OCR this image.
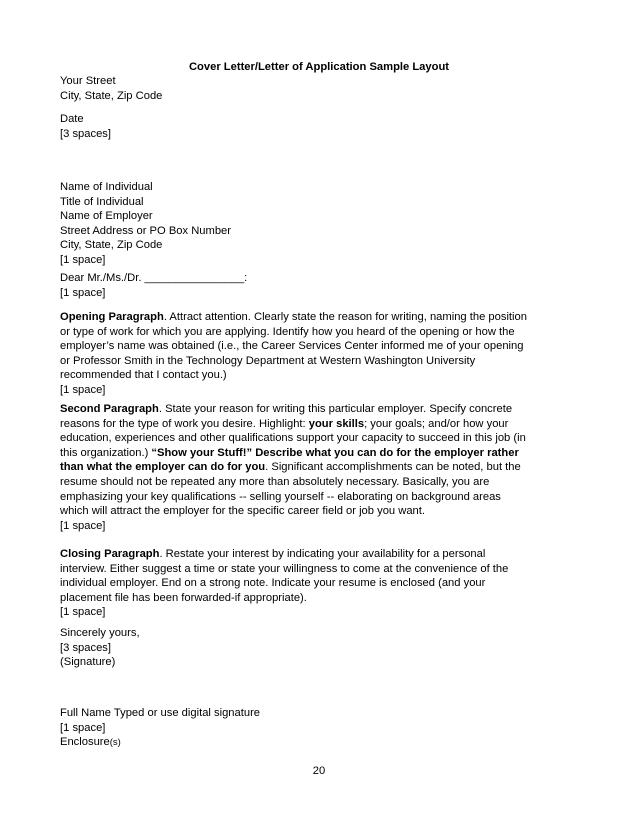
Cover Letter/Letter of Application Sample Layout
Your Street
City, State, Zip Code
Date
[3 spaces]
Name of Individual
Title of Individual
Name of Employer
Street Address or PO Box Number
City, State, Zip Code
[1 space]
Dear Mr./Ms./Dr. ________________:
[1 space]
Opening Paragraph. Attract attention. Clearly state the reason for writing, naming the position or type of work for which you are applying. Identify how you heard of the opening or how the employer’s name was obtained (i.e., the Career Services Center informed me of your opening or Professor Smith in the Technology Department at Western Washington University recommended that I contact you.)
[1 space]
Second Paragraph. State your reason for writing this particular employer. Specify concrete reasons for the type of work you desire. Highlight: your skills; your goals; and/or how your education, experiences and other qualifications support your capacity to succeed in this job (in this organization.) “Show your Stuff!” Describe what you can do for the employer rather than what the employer can do for you. Significant accomplishments can be noted, but the resume should not be repeated any more than absolutely necessary. Basically, you are emphasizing your key qualifications -- selling yourself -- elaborating on background areas which will attract the employer for the specific career field or job you want.
[1 space]
Closing Paragraph. Restate your interest by indicating your availability for a personal interview. Either suggest a time or state your willingness to come at the convenience of the individual employer. End on a strong note. Indicate your resume is enclosed (and your placement file has been forwarded-if appropriate).
[1 space]
Sincerely yours,
[3 spaces]
(Signature)
Full Name Typed or use digital signature
[1 space]
Enclosure(s)
20
